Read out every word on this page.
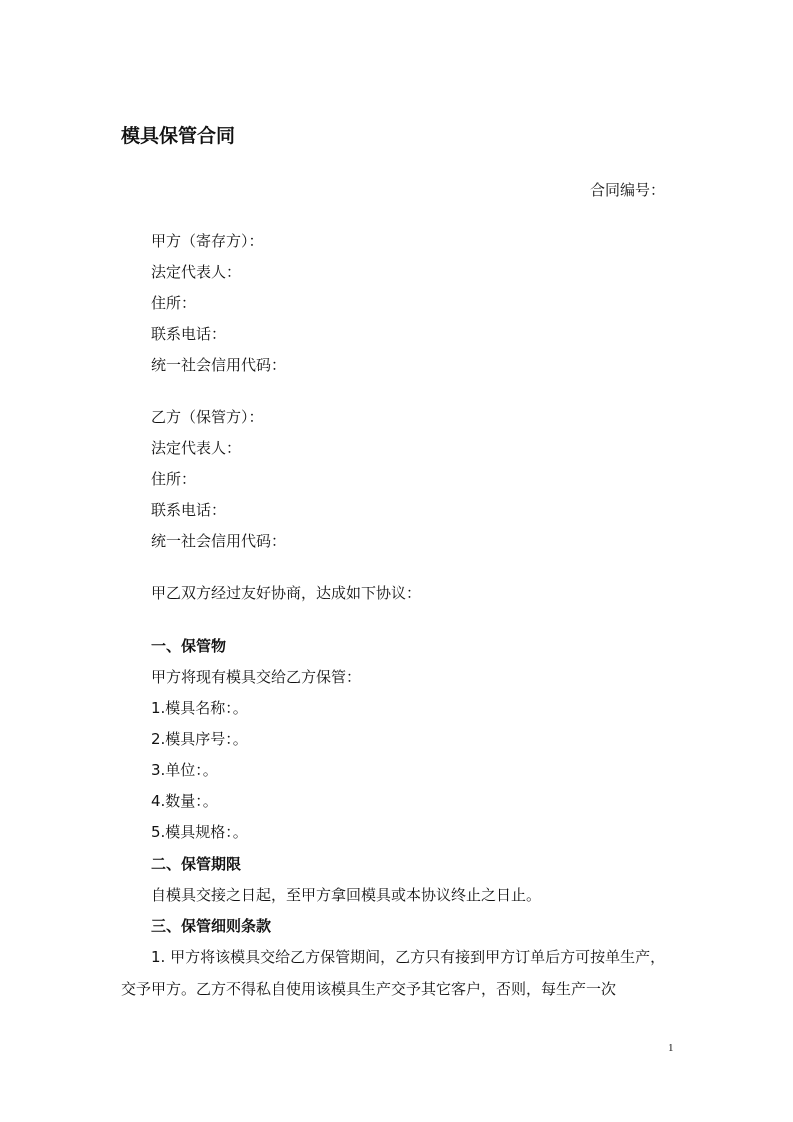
模具保管合同
合同编号：
甲方（寄存方）：
法定代表人：
住所：
联系电话：
统一社会信用代码：
乙方（保管方）：
法定代表人：
住所：
联系电话：
统一社会信用代码：
甲乙双方经过友好协商，达成如下协议：
一、保管物
甲方将现有模具交给乙方保管：
1.模具名称：。
2.模具序号：。
3.单位：。
4.数量：。
5.模具规格：。
二、保管期限
自模具交接之日起，至甲方拿回模具或本协议终止之日止。
三、保管细则条款
1. 甲方将该模具交给乙方保管期间，乙方只有接到甲方订单后方可按单生产，交予甲方。乙方不得私自使用该模具生产交予其它客户，否则，每生产一次
1
